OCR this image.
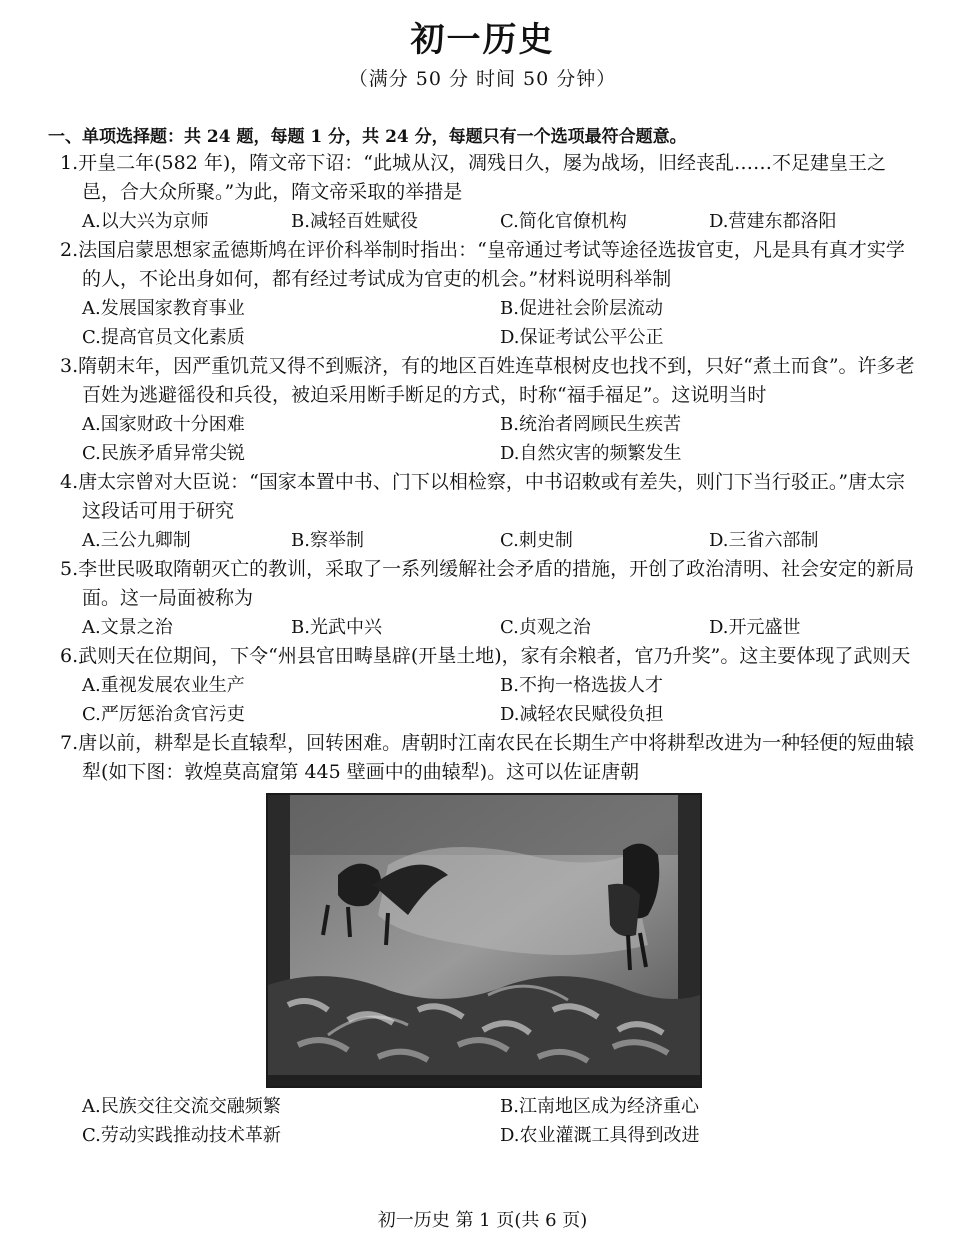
初一历史
（满分 50 分 时间 50 分钟）
一、单项选择题：共 24 题，每题 1 分，共 24 分，每题只有一个选项最符合题意。
1.开皇二年(582 年)，隋文帝下诏：“此城从汉，凋残日久，屡为战场，旧经丧乱……不足建皇王之邑，合大众所聚。”为此，隋文帝采取的举措是
A.以大兴为京师	B.减轻百姓赋役	C.简化官僚机构	D.营建东都洛阳
2.法国启蒙思想家孟德斯鸠在评价科举制时指出：“皇帝通过考试等途径选拔官吏，凡是具有真才实学的人，不论出身如何，都有经过考试成为官吏的机会。”材料说明科举制
A.发展国家教育事业	B.促进社会阶层流动
C.提高官员文化素质	D.保证考试公平公正
3.隋朝末年，因严重饥荒又得不到赈济，有的地区百姓连草根树皮也找不到，只好“煮土而食”。许多老百姓为逃避徭役和兵役，被迫采用断手断足的方式，时称“福手福足”。这说明当时
A.国家财政十分困难	B.统治者罔顾民生疾苦
C.民族矛盾异常尖锐	D.自然灾害的频繁发生
4.唐太宗曾对大臣说：“国家本置中书、门下以相检察，中书诏敕或有差失，则门下当行驳正。”唐太宗这段话可用于研究
A.三公九卿制	B.察举制	C.刺史制	D.三省六部制
5.李世民吸取隋朝灭亡的教训，采取了一系列缓解社会矛盾的措施，开创了政治清明、社会安定的新局面。这一局面被称为
A.文景之治	B.光武中兴	C.贞观之治	D.开元盛世
6.武则天在位期间，下令“州县官田畴垦辟(开垦土地)，家有余粮者，官乃升奖”。这主要体现了武则天
A.重视发展农业生产	B.不拘一格选拔人才
C.严厉惩治贪官污吏	D.减轻农民赋役负担
7.唐以前，耕犁是长直辕犁，回转困难。唐朝时江南农民在长期生产中将耕犁改进为一种轻便的短曲辕犁(如下图：敦煌莫高窟第 445 壁画中的曲辕犁)。这可以佐证唐朝
A.民族交往交流交融频繁	B.江南地区成为经济重心
C.劳动实践推动技术革新	D.农业灌溉工具得到改进
初一历史 第 1 页(共 6 页)
